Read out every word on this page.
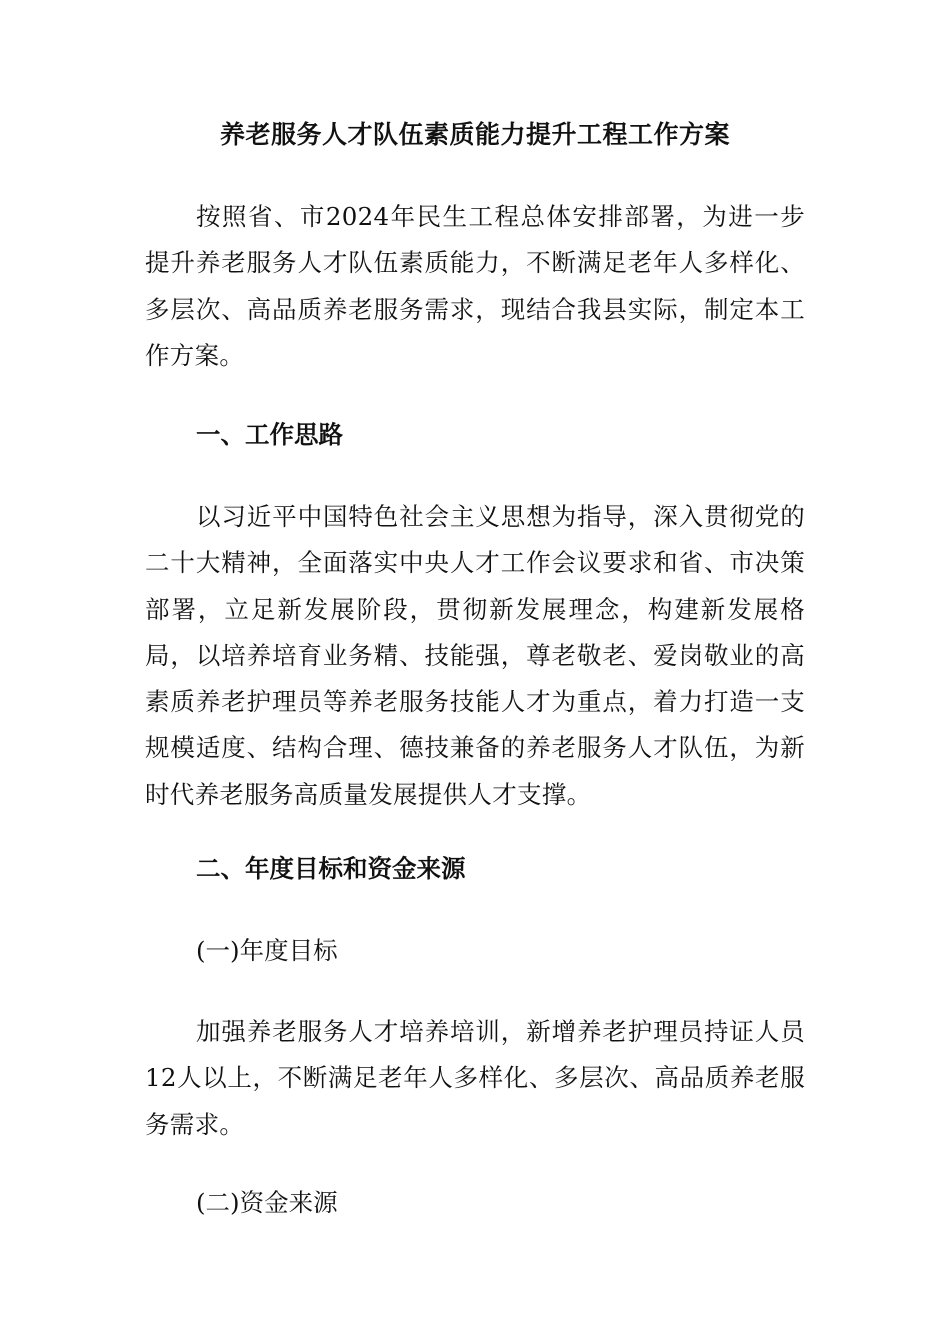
养老服务人才队伍素质能力提升工程工作方案

按照省、市2024年民生工程总体安排部署，为进一步提升养老服务人才队伍素质能力，不断满足老年人多样化、多层次、高品质养老服务需求，现结合我县实际，制定本工作方案。

一、工作思路

以习近平中国特色社会主义思想为指导，深入贯彻党的二十大精神，全面落实中央人才工作会议要求和省、市决策部署，立足新发展阶段，贯彻新发展理念，构建新发展格局，以培养培育业务精、技能强，尊老敬老、爱岗敬业的高素质养老护理员等养老服务技能人才为重点，着力打造一支规模适度、结构合理、德技兼备的养老服务人才队伍，为新时代养老服务高质量发展提供人才支撑。

二、年度目标和资金来源

(一)年度目标

加强养老服务人才培养培训，新增养老护理员持证人员12人以上，不断满足老年人多样化、多层次、高品质养老服务需求。

(二)资金来源
